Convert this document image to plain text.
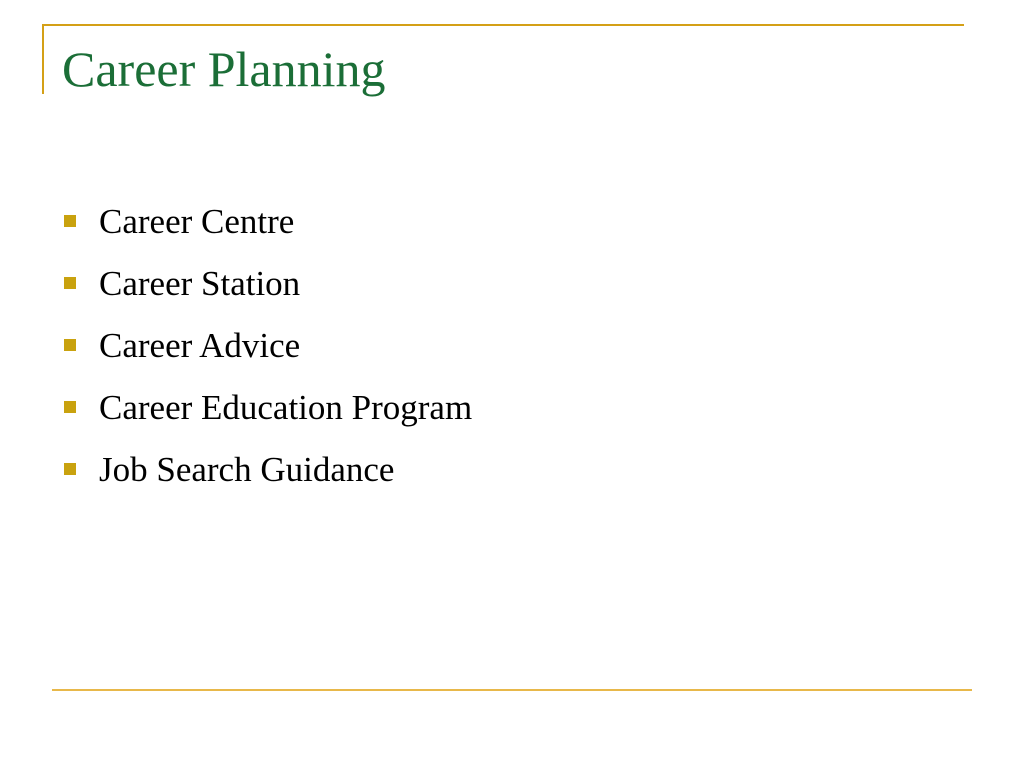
Career Planning
Career Centre
Career Station
Career Advice
Career Education Program
Job Search Guidance
